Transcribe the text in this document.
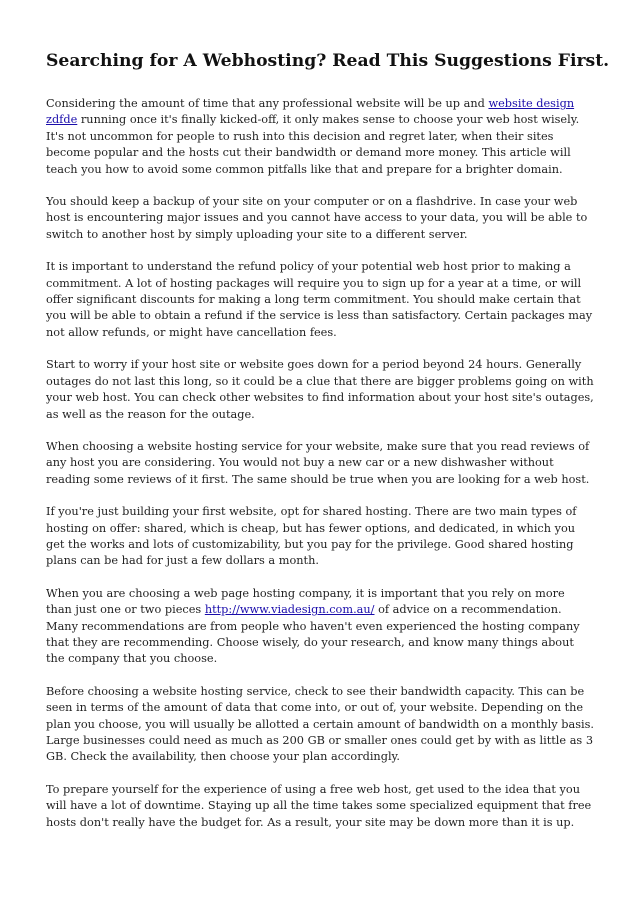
Searching for A Webhosting? Read This Suggestions First.

Considering the amount of time that any professional website will be up and website design zdfde running once it's finally kicked-off, it only makes sense to choose your web host wisely. It's not uncommon for people to rush into this decision and regret later, when their sites become popular and the hosts cut their bandwidth or demand more money. This article will teach you how to avoid some common pitfalls like that and prepare for a brighter domain.

You should keep a backup of your site on your computer or on a flashdrive. In case your web host is encountering major issues and you cannot have access to your data, you will be able to switch to another host by simply uploading your site to a different server.

It is important to understand the refund policy of your potential web host prior to making a commitment. A lot of hosting packages will require you to sign up for a year at a time, or will offer significant discounts for making a long term commitment. You should make certain that you will be able to obtain a refund if the service is less than satisfactory. Certain packages may not allow refunds, or might have cancellation fees.

Start to worry if your host site or website goes down for a period beyond 24 hours. Generally outages do not last this long, so it could be a clue that there are bigger problems going on with your web host. You can check other websites to find information about your host site's outages, as well as the reason for the outage.

When choosing a website hosting service for your website, make sure that you read reviews of any host you are considering. You would not buy a new car or a new dishwasher without reading some reviews of it first. The same should be true when you are looking for a web host.

If you're just building your first website, opt for shared hosting. There are two main types of hosting on offer: shared, which is cheap, but has fewer options, and dedicated, in which you get the works and lots of customizability, but you pay for the privilege. Good shared hosting plans can be had for just a few dollars a month.

When you are choosing a web page hosting company, it is important that you rely on more than just one or two pieces http://www.viadesign.com.au/ of advice on a recommendation. Many recommendations are from people who haven't even experienced the hosting company that they are recommending. Choose wisely, do your research, and know many things about the company that you choose.

Before choosing a website hosting service, check to see their bandwidth capacity. This can be seen in terms of the amount of data that come into, or out of, your website. Depending on the plan you choose, you will usually be allotted a certain amount of bandwidth on a monthly basis. Large businesses could need as much as 200 GB or smaller ones could get by with as little as 3 GB. Check the availability, then choose your plan accordingly.

To prepare yourself for the experience of using a free web host, get used to the idea that you will have a lot of downtime. Staying up all the time takes some specialized equipment that free hosts don't really have the budget for. As a result, your site may be down more than it is up.
